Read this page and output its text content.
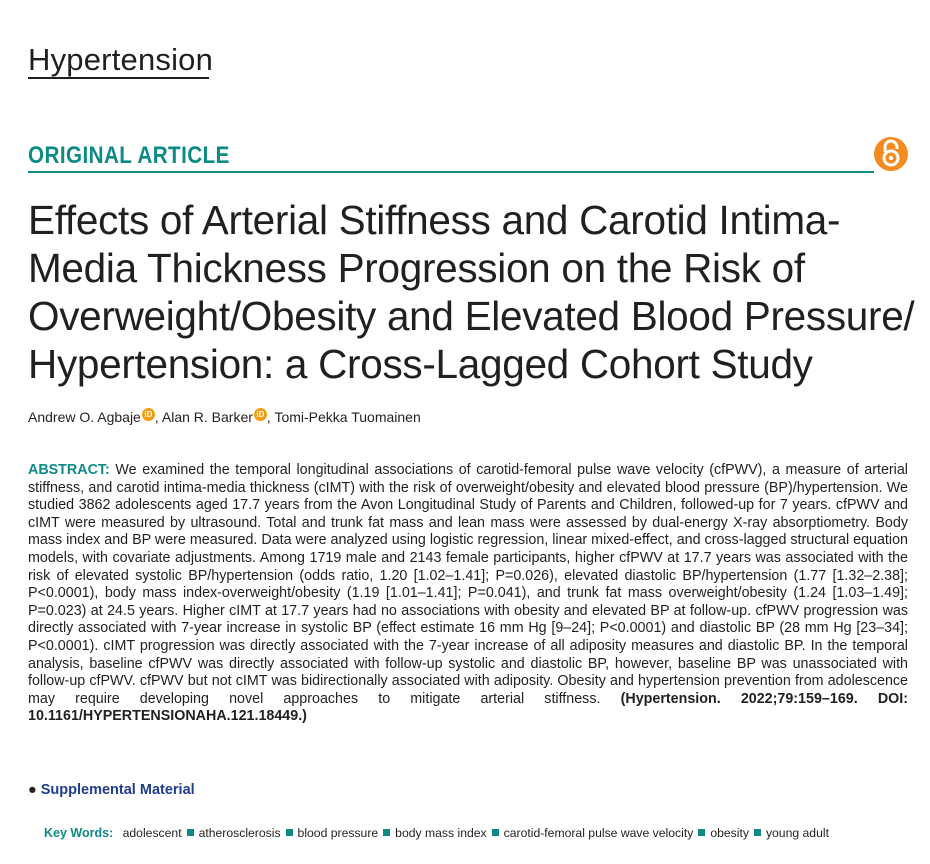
Hypertension
ORIGINAL ARTICLE
Effects of Arterial Stiffness and Carotid Intima-
Media Thickness Progression on the Risk of
Overweight/Obesity and Elevated Blood Pressure/
Hypertension: a Cross-Lagged Cohort Study
Andrew O. Agbaje iD , Alan R. Barker iD , Tomi-Pekka Tuomainen

ABSTRACT: We examined the temporal longitudinal associations of carotid-femoral pulse wave velocity (cfPWV), a measure of arterial stiffness, and carotid intima-media thickness (cIMT) with the risk of overweight/obesity and elevated blood pressure (BP)/hypertension. We studied 3862 adolescents aged 17.7 years from the Avon Longitudinal Study of Parents and Children, followed-up for 7 years. cfPWV and cIMT were measured by ultrasound. Total and trunk fat mass and lean mass were assessed by dual-energy X-ray absorptiometry. Body mass index and BP were measured. Data were analyzed using logistic regression, linear mixed-effect, and cross-lagged structural equation models, with covariate adjustments. Among 1719 male and 2143 female participants, higher cfPWV at 17.7 years was associated with the risk of elevated systolic BP/hypertension (odds ratio, 1.20 [1.02–1.41]; P=0.026), elevated diastolic BP/hypertension (1.77 [1.32–2.38]; P<0.0001), body mass index-overweight/obesity (1.19 [1.01–1.41]; P=0.041), and trunk fat mass overweight/obesity (1.24 [1.03–1.49]; P=0.023) at 24.5 years. Higher cIMT at 17.7 years had no associations with obesity and elevated BP at follow-up. cfPWV progression was directly associated with 7-year increase in systolic BP (effect estimate 16 mm Hg [9–24]; P<0.0001) and diastolic BP (28 mm Hg [23–34]; P<0.0001). cIMT progression was directly associated with the 7-year increase of all adiposity measures and diastolic BP. In the temporal analysis, baseline cfPWV was directly associated with follow-up systolic and diastolic BP, however, baseline BP was unassociated with follow-up cfPWV. cfPWV but not cIMT was bidirectionally associated with adiposity. Obesity and hypertension prevention from adolescence may require developing novel approaches to mitigate arterial stiffness. (Hypertension. 2022;79:159–169. DOI: 10.1161/HYPERTENSIONAHA.121.18449.)

● Supplemental Material
Key Words: adolescent atherosclerosis blood pressure body mass index carotid-femoral pulse wave velocity obesity young adult
